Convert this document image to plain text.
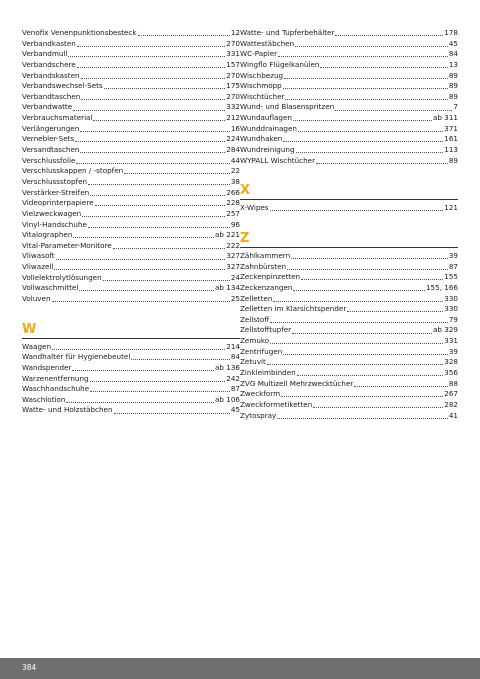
Venofix Venenpunktionsbesteck	12
Verbandkasten	270
Verbandmull	331
Verbandschere	157
Verbandskasten	270
Verbandswechsel-Sets	175
Verbandtaschen	270
Verbandwatte	332
Verbrauchsmaterial	212
Verlängerungen	16
Vernebler-Sets	224
Versandtaschen	284
Verschlussfolie	44
Verschlusskappen / -stopfen	22
Verschlussstopfen	38
Verstärker-Streifen	266
Videoprinterpapiere	228
Vielzweckwagen	257
Vinyl-Handschuhe	96
Vitalographen	ab 221
Vital-Parameter-Monitore	222
Vliwasoft	327
Vliwazell	327
Vollelektrolytlösungen	24
Vollwaschmittel	ab 134
Voluven	25
W
Waagen	214
Wandhalter für Hygienebeutel	84
Wandspender	ab 136
Warzenentfernung	242
Waschhandschuhe	87
Waschlotion	ab 106
Watte- und Holzstäbchen	45
Watte- und Tupferbehälter	178
Wattestäbchen	45
WC-Papier	84
Wingflo Flügelkanülen	13
Wischbezug	89
Wischmopp	89
Wischtücher	89
Wund- und Blasenspritzen	7
Wundauflagen	ab 311
Wunddrainagen	371
Wundhaken	161
Wundreinigung	113
WYPALL Wischtücher	89
X
X-Wipes	121
Z
Zählkammern	39
Zahnbürsten	87
Zeckenpinzetten	155
Zeckenzangen	155, 166
Zelletten	330
Zelletten im Klarsichtspender	330
Zellstoff	79
Zellstofftupfer	ab 329
Zemuko	331
Zentrifugen	39
Zetuvit	328
Zinkleimbinden	356
ZVG Multizell Mehrzwecktücher	88
Zweckform	267
Zweckformetiketten	282
Zytospray	41
384
